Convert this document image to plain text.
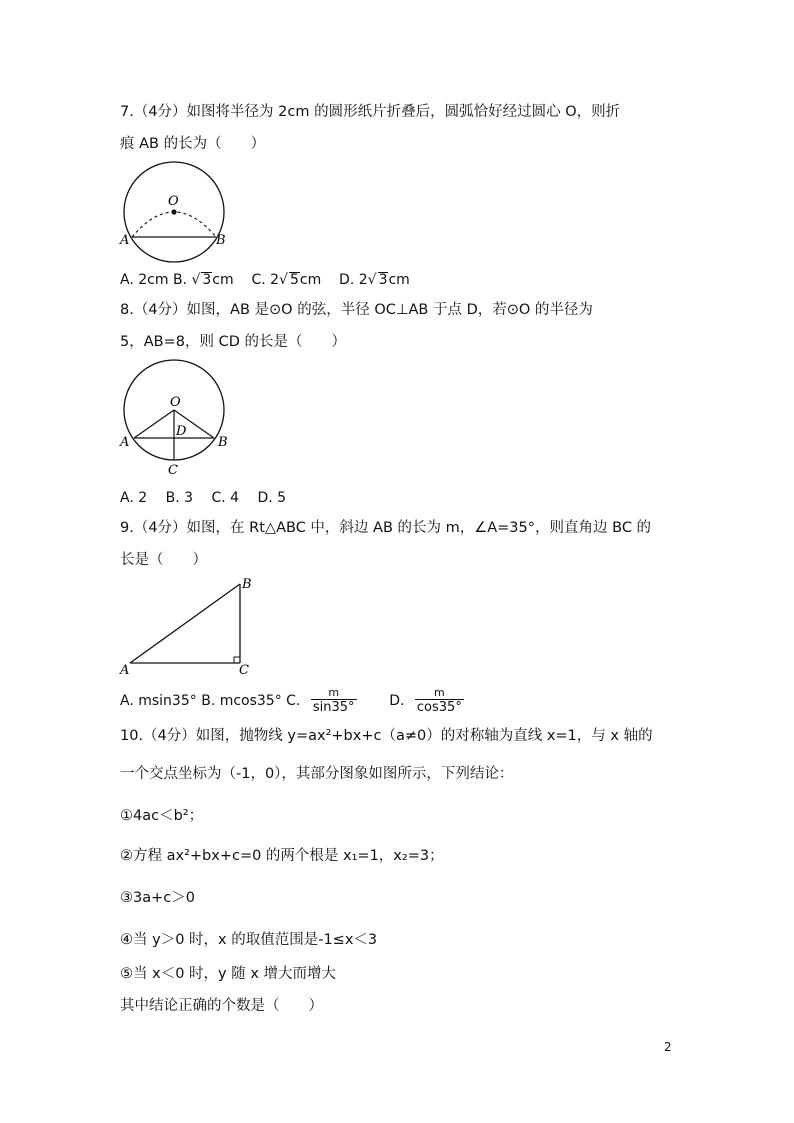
7.（4分）如图将半径为 2cm 的圆形纸片折叠后，圆弧恰好经过圆心 O，则折
痕 AB 的长为（　　）
O
A	B
A. 2cm B. √ 3cm C. 2√ 5cm D. 2√ 3cm
8.（4分）如图，AB 是⊙O 的弦，半径 OC⊥AB 于点 D，若⊙O 的半径为
5，AB=8，则 CD 的长是（　　）
O
A	B
D
C
A. 2　 B. 3　 C. 4　 D. 5
9.（4分）如图，在 Rt△ABC 中，斜边 AB 的长为 m，∠A=35°，则直角边 BC 的
长是（　　）
A
B
C
A. msin35° B. mcos35° C. $\frac{m}{\sin 35^\circ} D$. $\frac{m}{\cos 35^\circ}$
10.（4分）如图，抛物线 y=ax²+bx+c（a≠0）的对称轴为直线 x=1，与 x 轴的
一个交点坐标为（-1，0），其部分图象如图所示，下列结论：
①4ac＜b²；
②方程 ax²+bx+c=0 的两个根是 x₁=1，x₂=3；
③3a+c＞0
④当 y＞0 时，x 的取值范围是-1≤x＜3
⑤当 x＜0 时，y 随 x 增大而增大
其中结论正确的个数是（　　）
2
